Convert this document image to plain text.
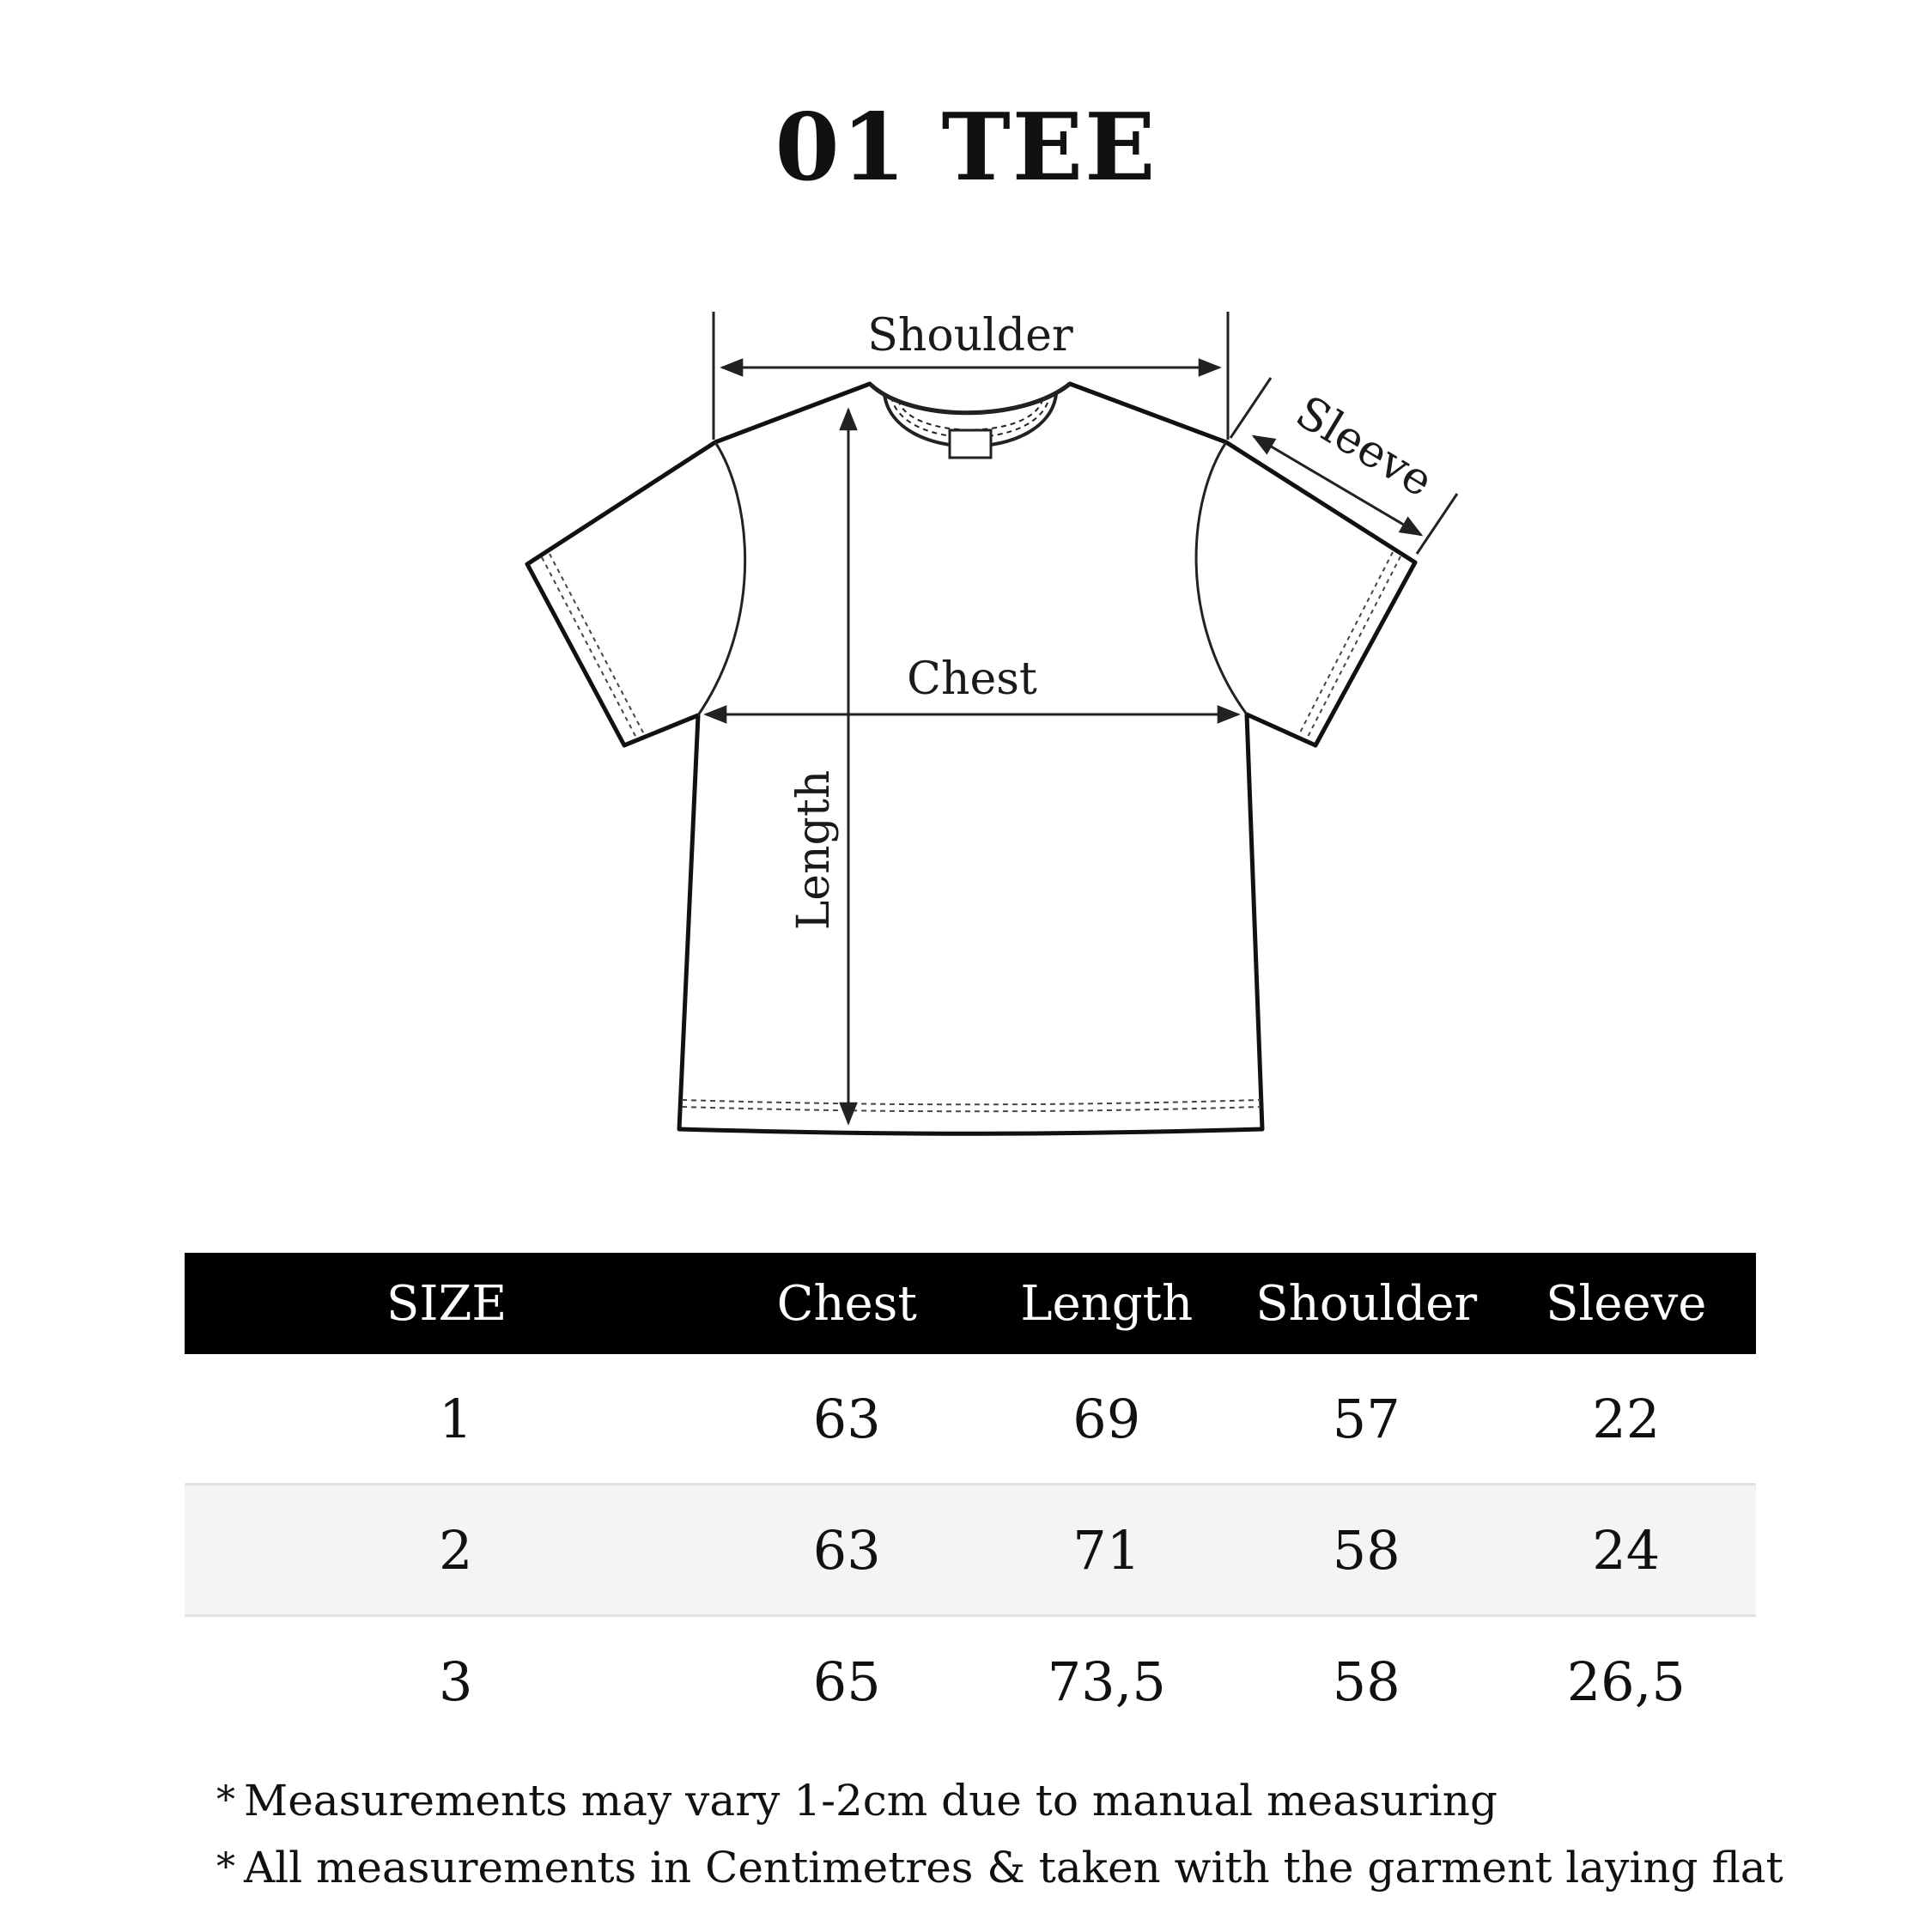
01 TEE
Shoulder
Sleeve
Chest
Length
SIZE	Chest	Length	Shoulder	Sleeve
1	63	69	57	22
2	63	71	58	24
3	65	73,5	58	26,5
* Measurements may vary 1-2cm due to manual measuring
* All measurements in Centimetres & taken with the garment laying flat
